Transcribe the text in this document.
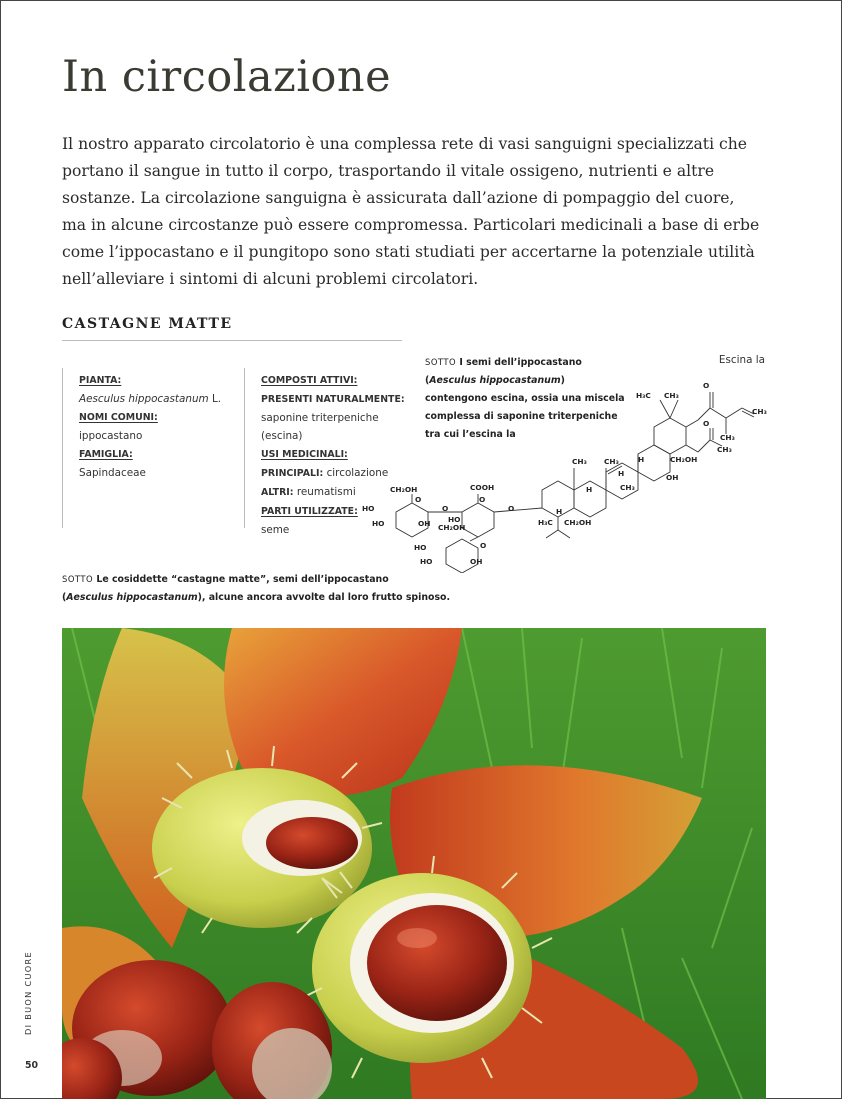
In circolazione

Il nostro apparato circolatorio è una complessa rete di vasi sanguigni specializzati che portano il sangue in tutto il corpo, trasportando il vitale ossigeno, nutrienti e altre sostanze. La circolazione sanguigna è assicurata dall’azione di pompaggio del cuore, ma in alcune circostanze può essere compromessa. Particolari medicinali a base di erbe come l’ippocastano e il pungitopo sono stati studiati per accertarne la potenziale utilità nell’alleviare i sintomi di alcuni problemi circolatori.

CASTAGNE MATTE
PIANTA:
Aesculus hippocastanum L.
NOMI COMUNI:
ippocastano
FAMIGLIA:
Sapindaceae
COMPOSTI ATTIVI:
PRESENTI NATURALMENTE:
saponine triterpeniche
(escina)
USI MEDICINALI:
PRINCIPALI: circolazione
ALTRI: reumatismi
PARTI UTILIZZATE:
seme
SOTTO I semi dell’ippocastano
(Aesculus hippocastanum)
contengono escina, ossia una miscela
complessa di saponine triterpeniche
tra cui l’escina la
Escina la
H₃C CH₃
O
CH₃
O
CH₃
CH₃
H	CH₂OH
CH₃ CH₃
H
H	OH
CH₃
CH₂OH	COOH
O	O
O
HO
HO	OH HO
O	H
H₃C CH₂OH
CH₂OH
HO
HO	OH
O
SOTTO Le cosiddette “castagne matte”, semi dell’ippocastano
(Aesculus hippocastanum), alcune ancora avvolte dal loro frutto spinoso.
DI BUON CUORE
50
